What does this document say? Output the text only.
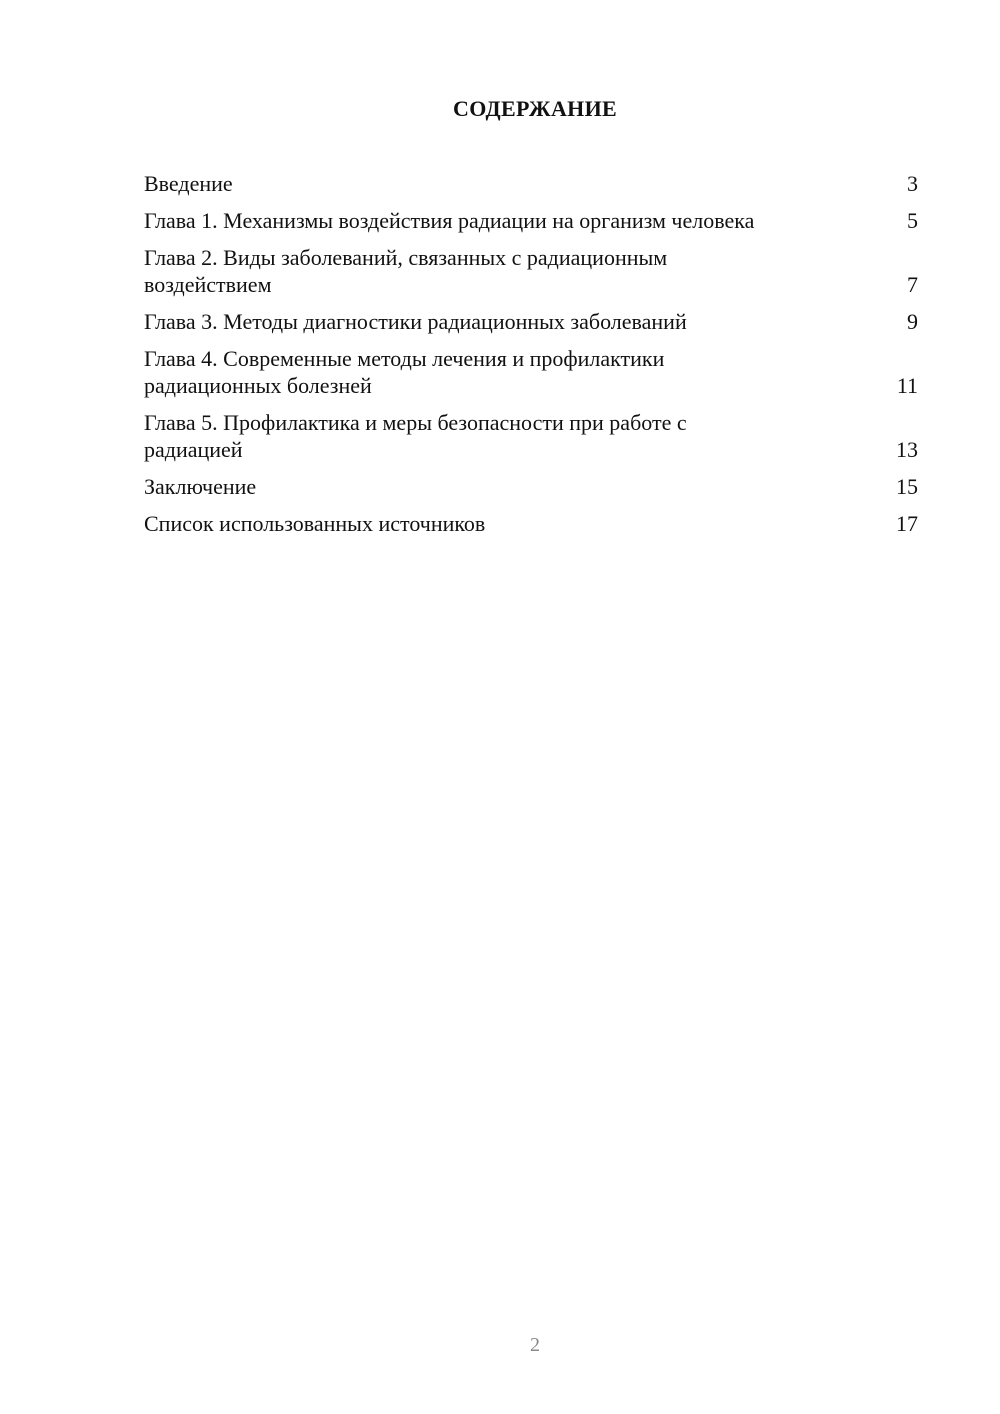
СОДЕРЖАНИЕ
Введение	3
Глава 1. Механизмы воздействия радиации на организм человека	5
Глава 2. Виды заболеваний, связанных с радиационным воздействием	7
Глава 3. Методы диагностики радиационных заболеваний	9
Глава 4. Современные методы лечения и профилактики радиационных болезней	11
Глава 5. Профилактика и меры безопасности при работе с радиацией	13
Заключение	15
Список использованных источников	17
2
